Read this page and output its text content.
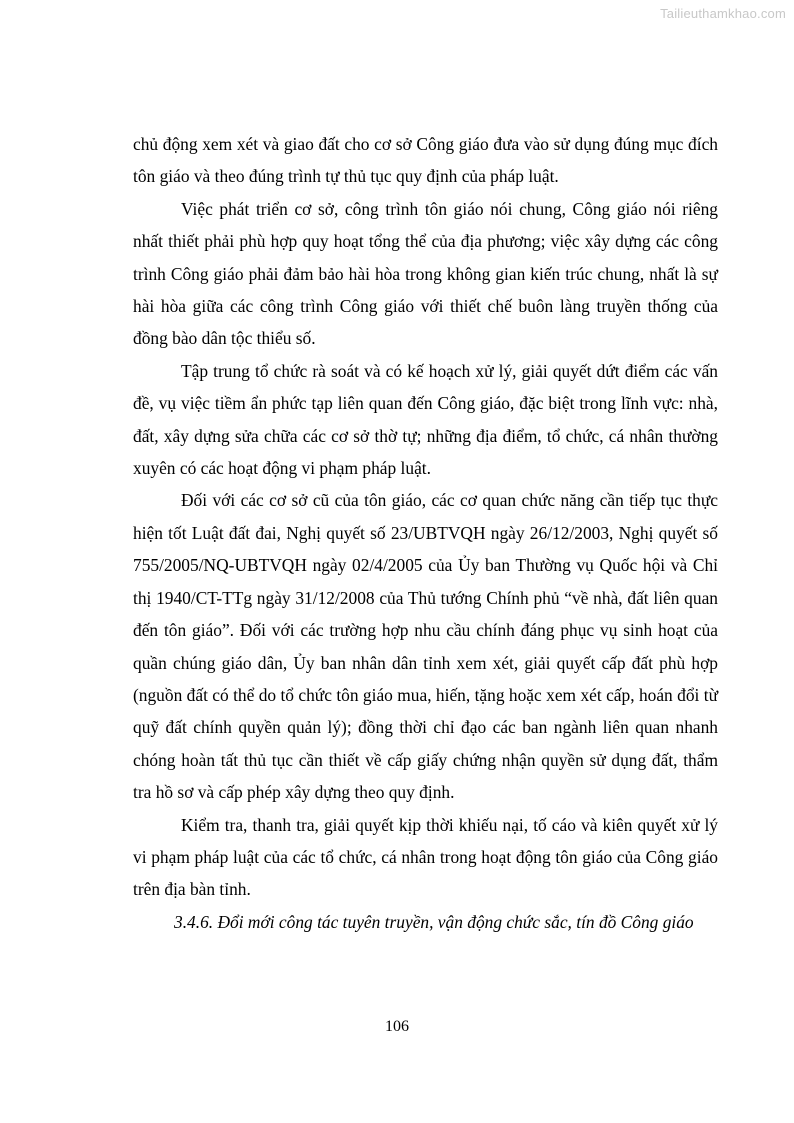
Tailieuthamkhao.com

chủ động xem xét và giao đất cho cơ sở Công giáo đưa vào sử dụng đúng mục đích tôn giáo và theo đúng trình tự thủ tục quy định của pháp luật.

Việc phát triển cơ sở, công trình tôn giáo nói chung, Công giáo nói riêng nhất thiết phải phù hợp quy hoạt tổng thể của địa phương; việc xây dựng các công trình Công giáo phải đảm bảo hài hòa trong không gian kiến trúc chung, nhất là sự hài hòa giữa các công trình Công giáo với thiết chế buôn làng truyền thống của đồng bào dân tộc thiểu số.

Tập trung tổ chức rà soát và có kế hoạch xử lý, giải quyết dứt điểm các vấn đề, vụ việc tiềm ẩn phức tạp liên quan đến Công giáo, đặc biệt trong lĩnh vực: nhà, đất, xây dựng sửa chữa các cơ sở thờ tự; những địa điểm, tổ chức, cá nhân thường xuyên có các hoạt động vi phạm pháp luật.

Đối với các cơ sở cũ của tôn giáo, các cơ quan chức năng cần tiếp tục thực hiện tốt Luật đất đai, Nghị quyết số 23/UBTVQH ngày 26/12/2003, Nghị quyết số 755/2005/NQ-UBTVQH ngày 02/4/2005 của Ủy ban Thường vụ Quốc hội và Chỉ thị 1940/CT-TTg ngày 31/12/2008 của Thủ tướng Chính phủ “về nhà, đất liên quan đến tôn giáo”. Đối với các trường hợp nhu cầu chính đáng phục vụ sinh hoạt của quần chúng giáo dân, Ủy ban nhân dân tỉnh xem xét, giải quyết cấp đất phù hợp (nguồn đất có thể do tổ chức tôn giáo mua, hiến, tặng hoặc xem xét cấp, hoán đổi từ quỹ đất chính quyền quản lý); đồng thời chỉ đạo các ban ngành liên quan nhanh chóng hoàn tất thủ tục cần thiết về cấp giấy chứng nhận quyền sử dụng đất, thẩm tra hồ sơ và cấp phép xây dựng theo quy định.

Kiểm tra, thanh tra, giải quyết kịp thời khiếu nại, tố cáo và kiên quyết xử lý vi phạm pháp luật của các tổ chức, cá nhân trong hoạt động tôn giáo của Công giáo trên địa bàn tỉnh.

3.4.6. Đổi mới công tác tuyên truyền, vận động chức sắc, tín đồ Công giáo

106
